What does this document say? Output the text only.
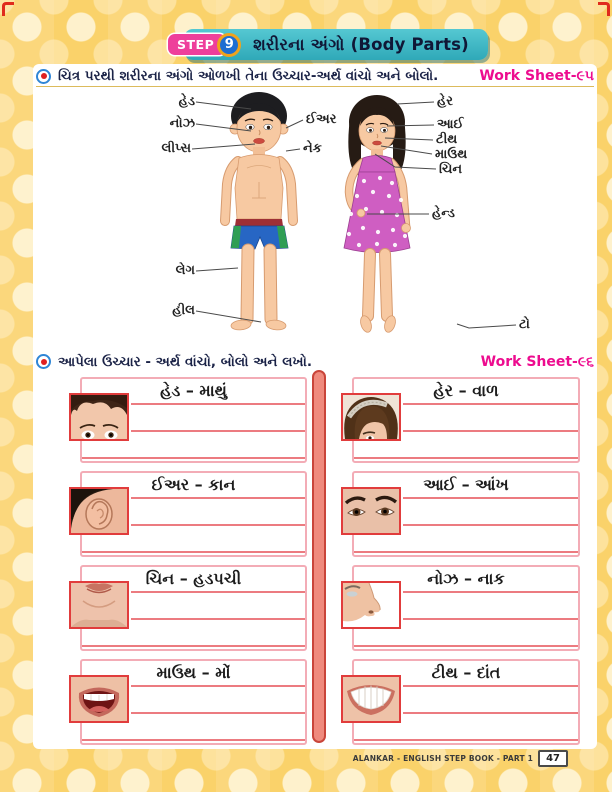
શરીરના અંગો (Body Parts)
STEP 9
ચિત્ર પરથી શરીરના અંગો ઓળખી તેના ઉચ્ચાર-અર્થ વાંચો અને બોલો.	Work Sheet-૯૫
હેડ
નોઝ
લીપ્સ
ઈઅર
નેક
લેગ
હીલ
હેર
આઈ
ટીથ
માઉથ
ચિન
હેન્ડ
ટો
આપેલા ઉચ્ચાર - અર્થ વાંચો, બોલો અને લખો.	Work Sheet-૯૬
હેડ – માથું
ઈઅર – કાન
ચિન – હડપચી
માઉથ – મોં
હેર – વાળ
આઈ – આંખ
નોઝ – નાક
ટીથ – દાંત
ALANKAR - ENGLISH STEP BOOK - PART 1	47
